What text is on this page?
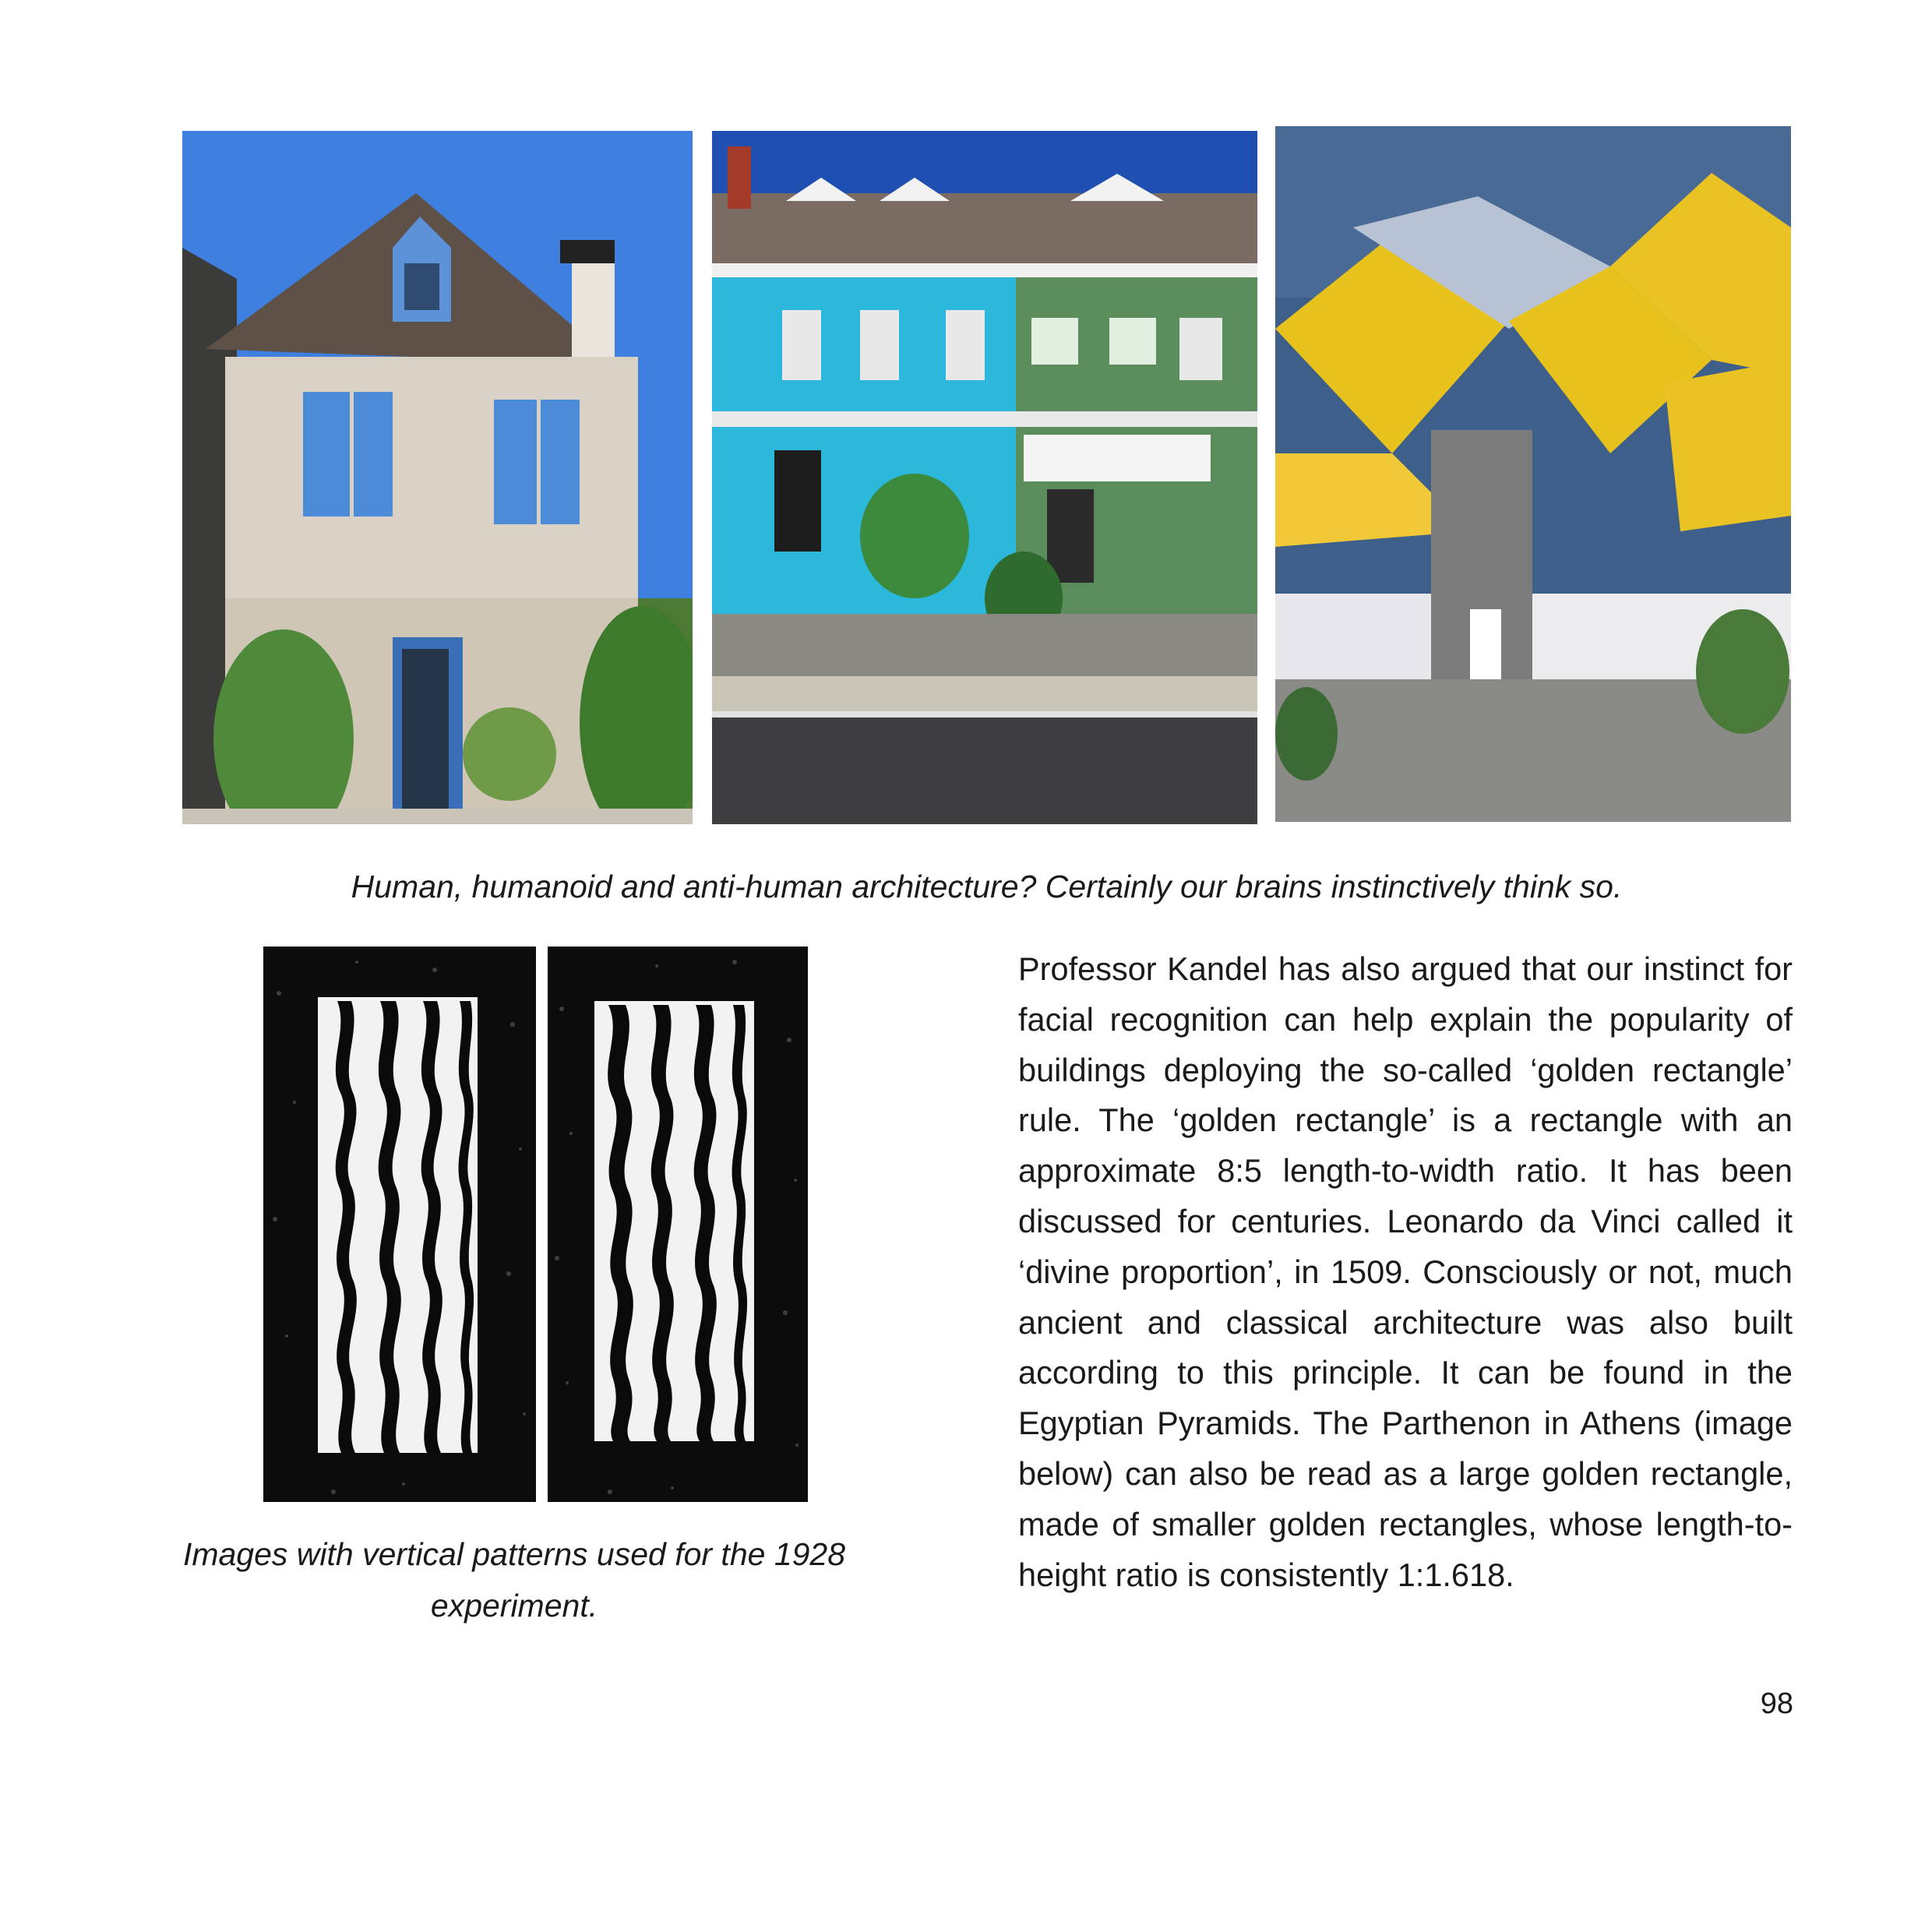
Human, humanoid and anti-human architecture? Certainly our brains instinctively think so.
Images with vertical patterns used for the 1928 experiment.
Professor Kandel has also argued that our instinct for facial recognition can help explain the popularity of buildings deploying the so-called ‘golden rectangle’ rule. The ‘golden rectangle’ is a rectangle with an approximate 8:5 length-to-width ratio. It has been discussed for centuries. Leonardo da Vinci called it ‘divine proportion’, in 1509. Consciously or not, much ancient and classical architecture was also built according to this principle. It can be found in the Egyptian Pyramids. The Parthenon in Athens (image below) can also be read as a large golden rectangle, made of smaller golden rectangles, whose length-to-height ratio is consistently 1:1.618.
98
